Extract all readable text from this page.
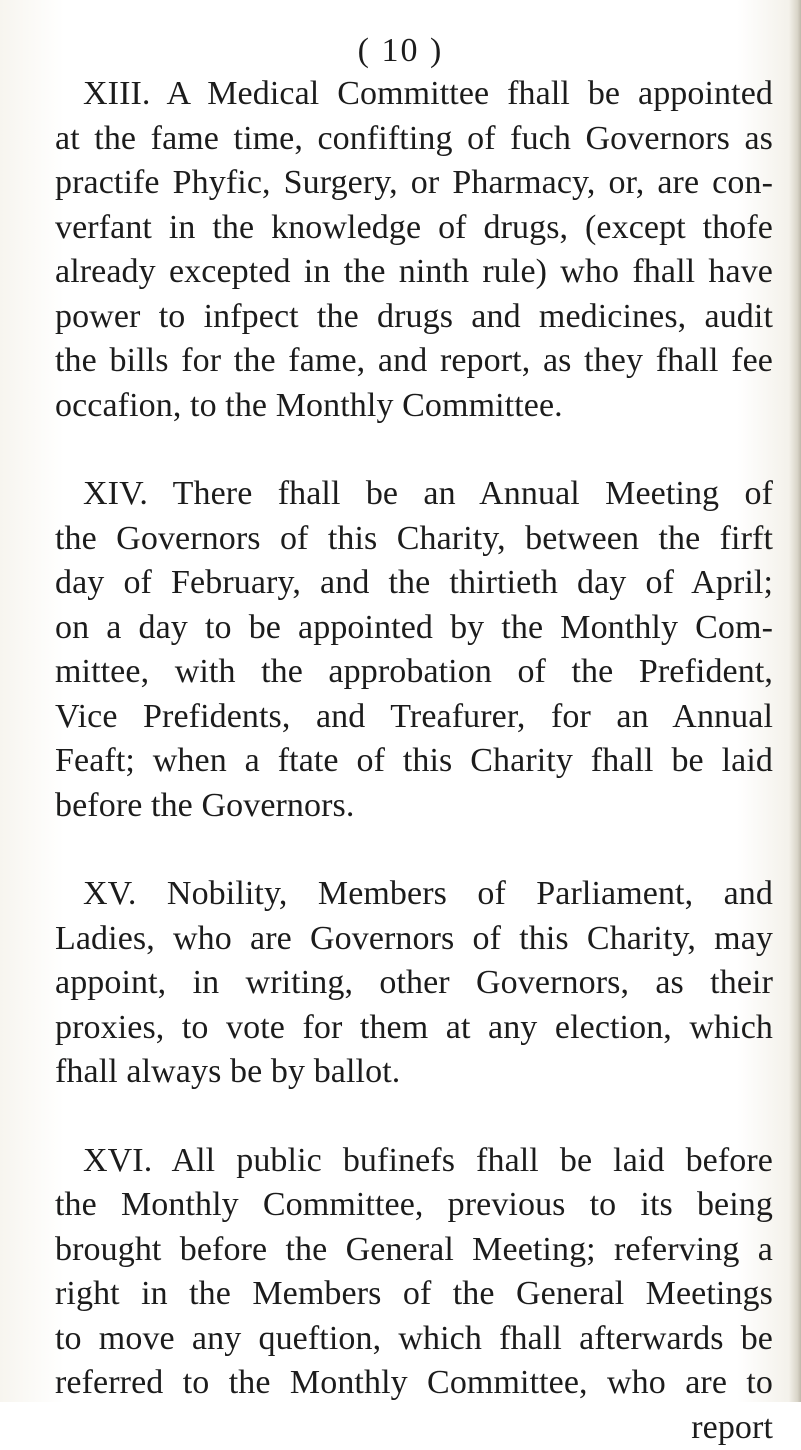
( 10 )
XIII. A Medical Committee fhall be appointed
at the fame time, confifting of fuch Governors as
practife Phyfic, Surgery, or Pharmacy, or, are con-
verfant in the knowledge of drugs, (except thofe
already excepted in the ninth rule) who fhall have
power to infpect the drugs and medicines, audit
the bills for the fame, and report, as they fhall fee
occafion, to the Monthly Committee.
XIV. There fhall be an Annual Meeting of
the Governors of this Charity, between the firft
day of February, and the thirtieth day of April;
on a day to be appointed by the Monthly Com-
mittee, with the approbation of the Prefident,
Vice Prefidents, and Treafurer, for an Annual
Feaft; when a ftate of this Charity fhall be laid
before the Governors.
XV. Nobility, Members of Parliament, and
Ladies, who are Governors of this Charity, may
appoint, in writing, other Governors, as their
proxies, to vote for them at any election, which
fhall always be by ballot.
XVI. All public bufinefs fhall be laid before
the Monthly Committee, previous to its being
brought before the General Meeting; referving a
right in the Members of the General Meetings
to move any queftion, which fhall afterwards be
referred to the Monthly Committee, who are to
report
